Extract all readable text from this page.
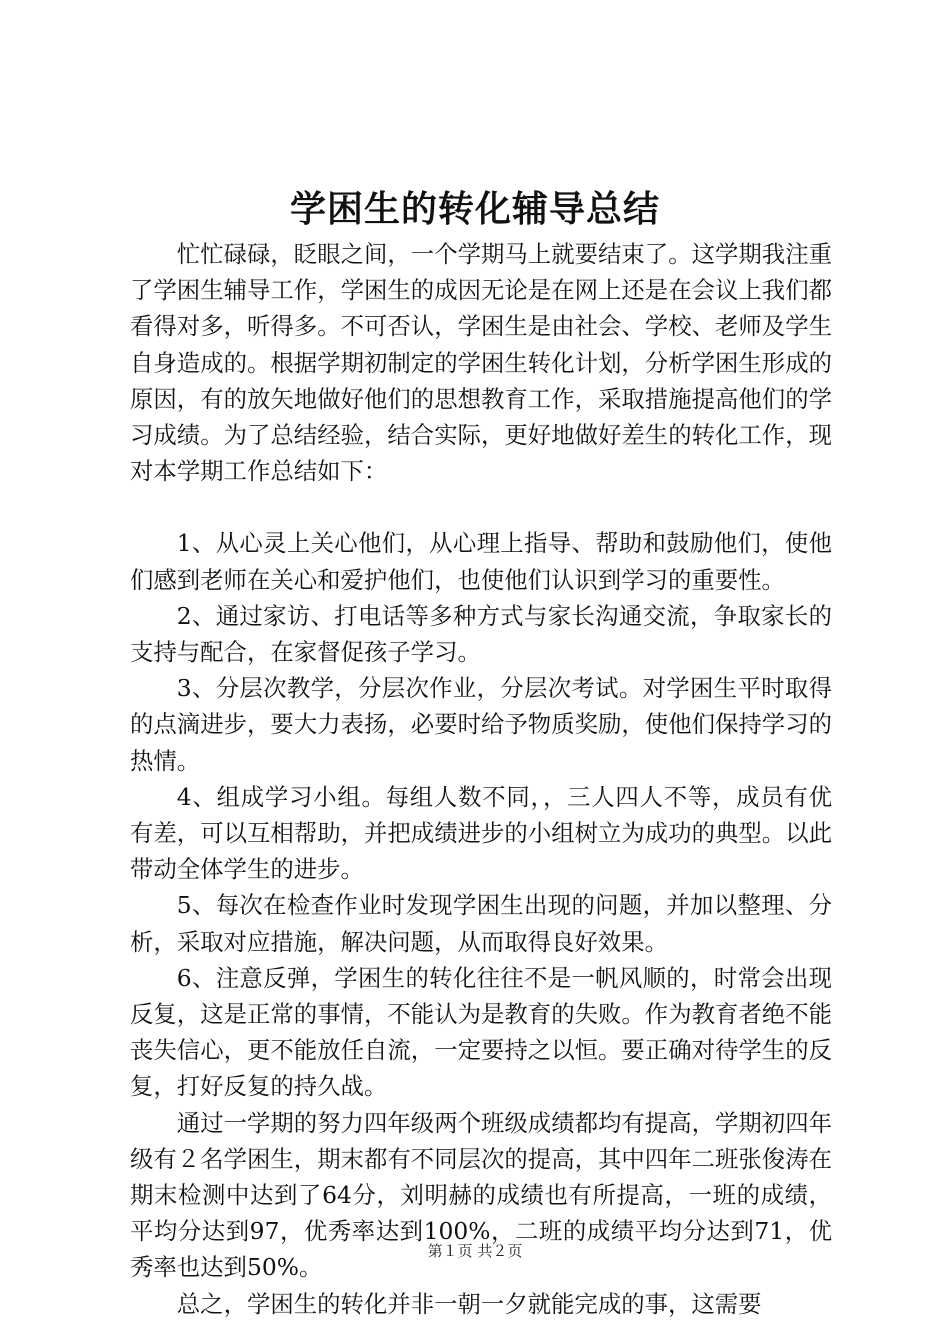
学困生的转化辅导总结

忙忙碌碌，眨眼之间，一个学期马上就要结束了。这学期我注重了学困生辅导工作，学困生的成因无论是在网上还是在会议上我们都看得对多，听得多。不可否认，学困生是由社会、学校、老师及学生自身造成的。根据学期初制定的学困生转化计划，分析学困生形成的原因，有的放矢地做好他们的思想教育工作，采取措施提高他们的学习成绩。为了总结经验，结合实际，更好地做好差生的转化工作，现对本学期工作总结如下：

1、从心灵上关心他们，从心理上指导、帮助和鼓励他们，使他们感到老师在关心和爱护他们，也使他们认识到学习的重要性。

2、通过家访、打电话等多种方式与家长沟通交流，争取家长的支持与配合，在家督促孩子学习。

3、分层次教学，分层次作业，分层次考试。对学困生平时取得的点滴进步，要大力表扬，必要时给予物质奖励，使他们保持学习的热情。

4、组成学习小组。每组人数不同，，三人四人不等，成员有优有差，可以互相帮助，并把成绩进步的小组树立为成功的典型。以此带动全体学生的进步。

5、每次在检查作业时发现学困生出现的问题，并加以整理、分析，采取对应措施，解决问题，从而取得良好效果。

6、注意反弹，学困生的转化往往不是一帆风顺的，时常会出现反复，这是正常的事情，不能认为是教育的失败。作为教育者绝不能丧失信心，更不能放任自流，一定要持之以恒。要正确对待学生的反复，打好反复的持久战。

通过一学期的努力四年级两个班级成绩都均有提高，学期初四年级有２名学困生，期末都有不同层次的提高，其中四年二班张俊涛在期末检测中达到了64分，刘明赫的成绩也有所提高，一班的成绩，平均分达到97，优秀率达到100%，二班的成绩平均分达到71，优秀率也达到50%。

总之，学困生的转化并非一朝一夕就能完成的事，这需要

第１页 共２页
